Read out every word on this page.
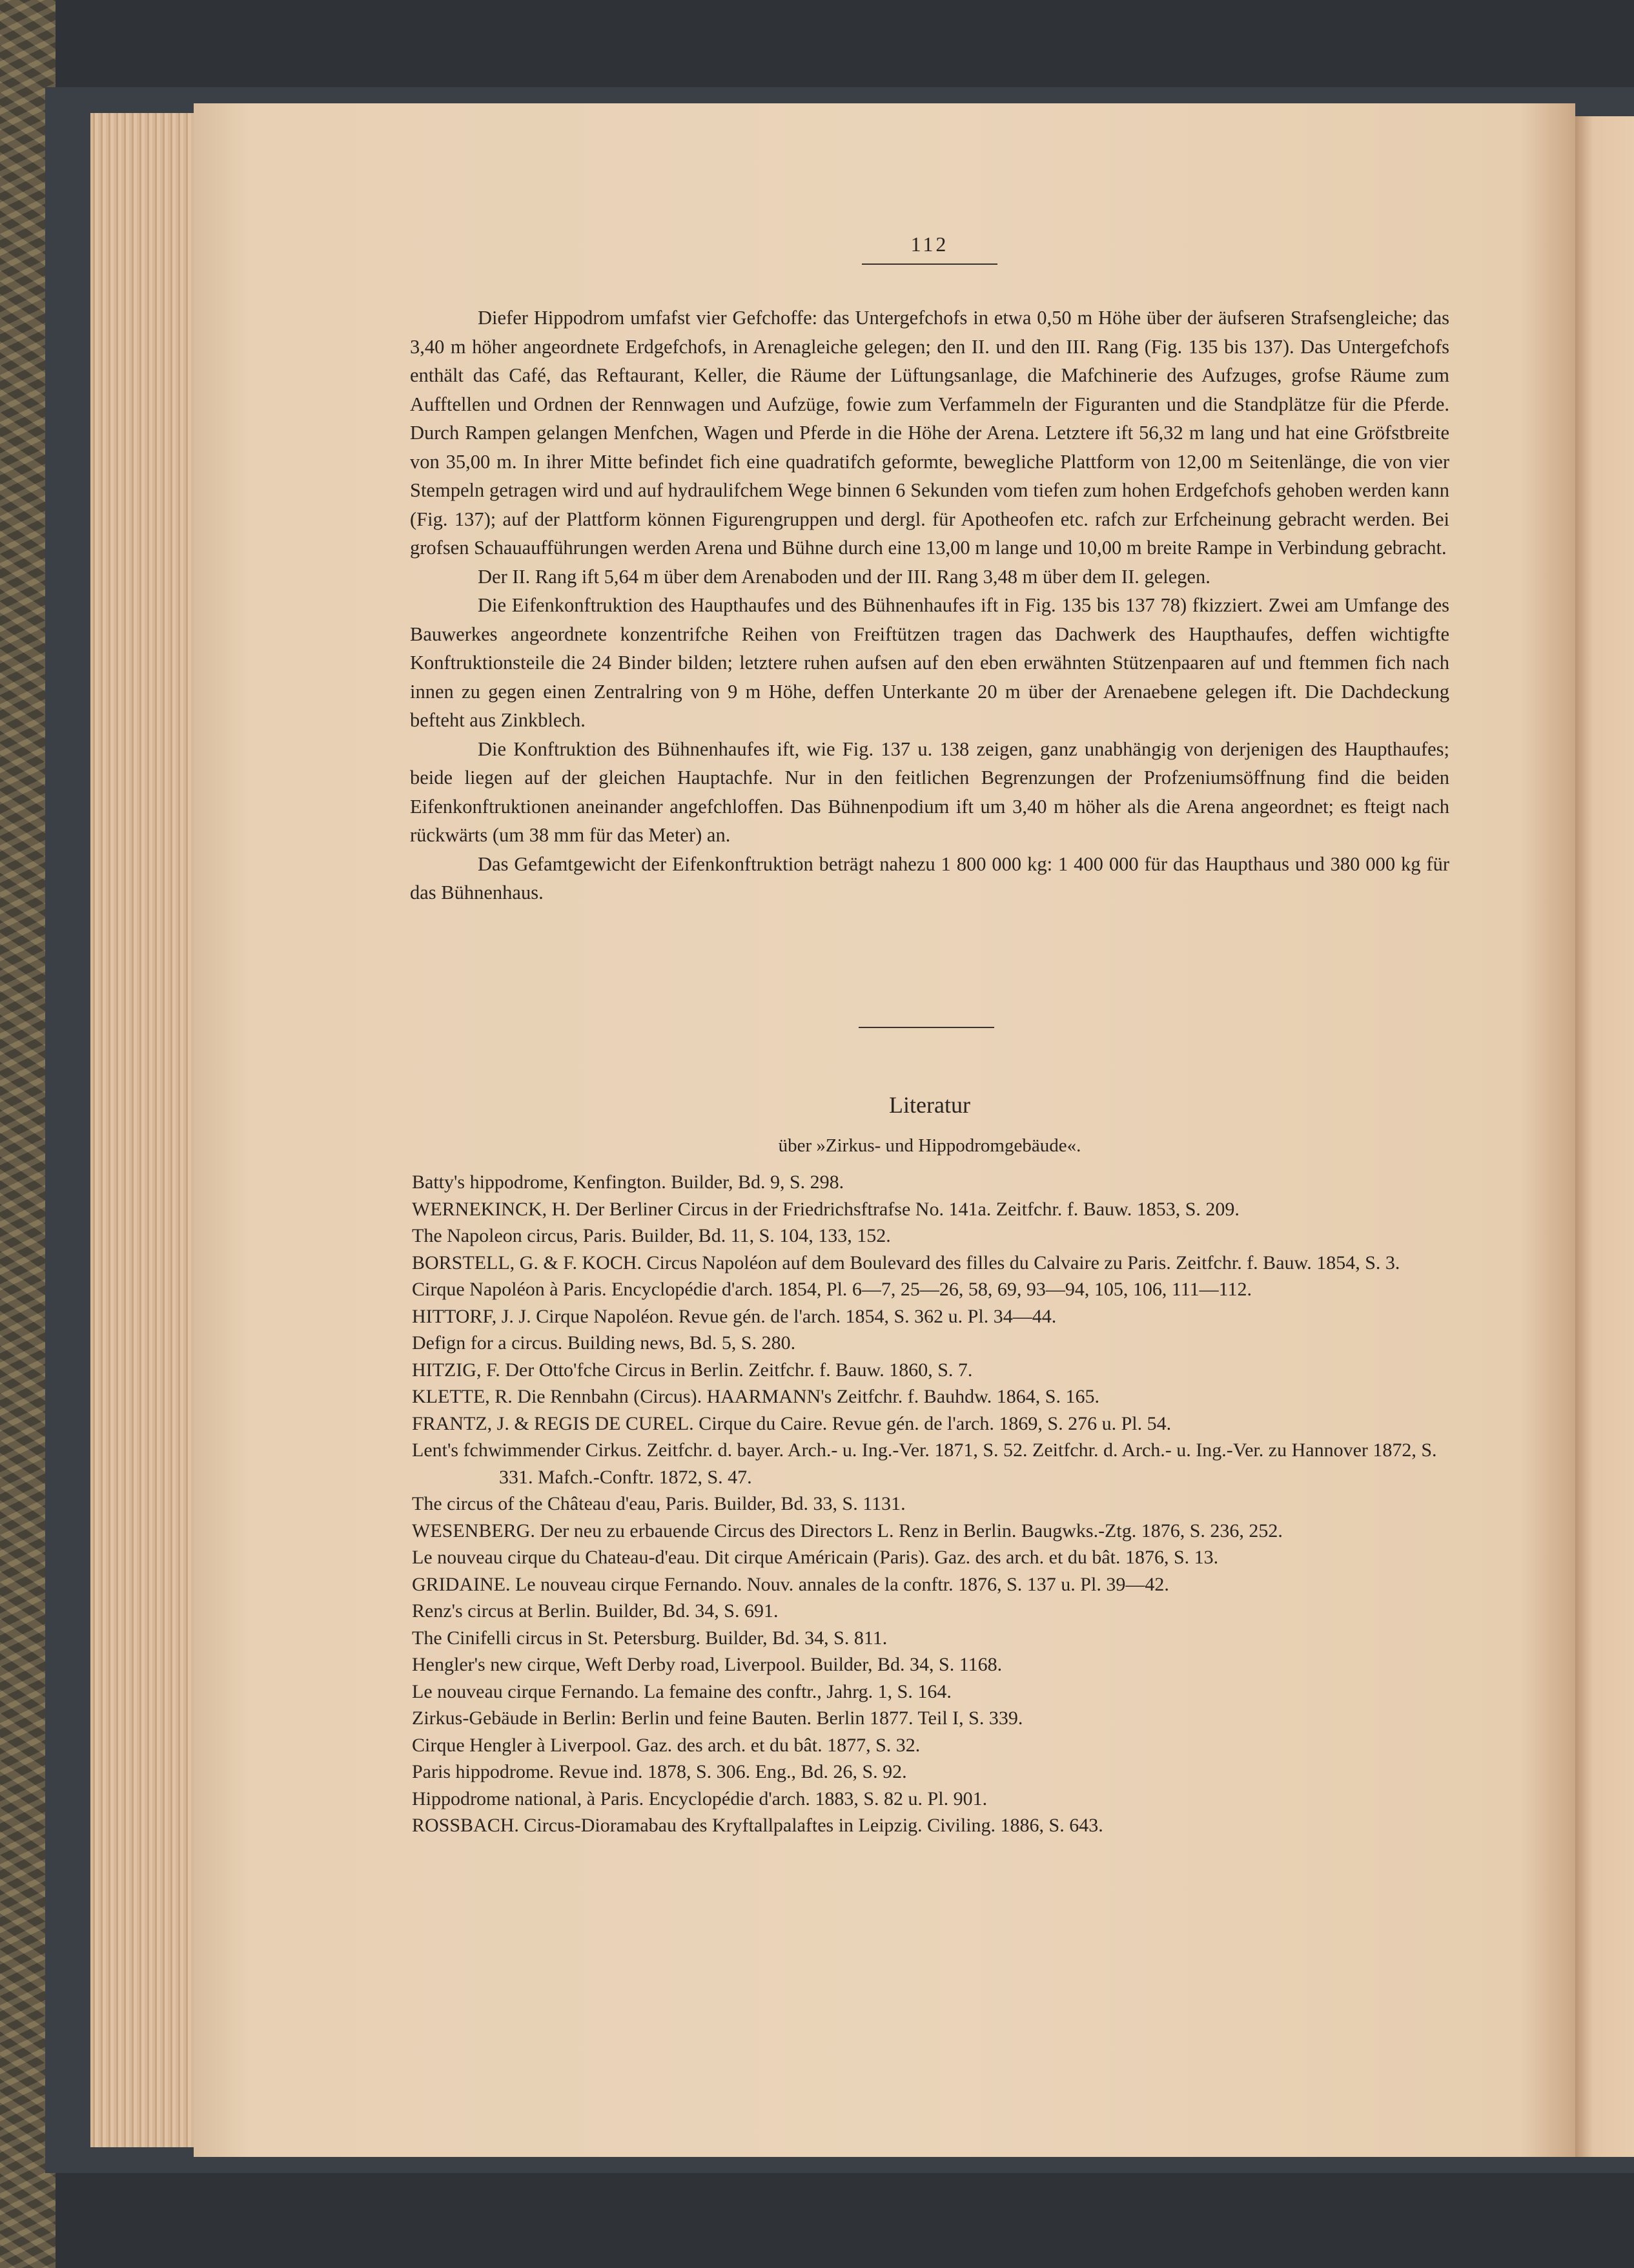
112

Diefer Hippodrom umfafst vier Gefchoffe: das Untergefchofs in etwa 0,50 m Höhe über der äufseren Strafsengleiche; das 3,40 m höher angeordnete Erdgefchofs, in Arenagleiche gelegen; den II. und den III. Rang (Fig. 135 bis 137). Das Untergefchofs enthält das Café, das Reftaurant, Keller, die Räume der Lüftungsanlage, die Mafchinerie des Aufzuges, grofse Räume zum Aufftellen und Ordnen der Rennwagen und Aufzüge, fowie zum Verfammeln der Figuranten und die Standplätze für die Pferde. Durch Rampen gelangen Menfchen, Wagen und Pferde in die Höhe der Arena. Letztere ift 56,32 m lang und hat eine Gröfstbreite von 35,00 m. In ihrer Mitte befindet fich eine quadratifch geformte, bewegliche Plattform von 12,00 m Seitenlänge, die von vier Stempeln getragen wird und auf hydraulifchem Wege binnen 6 Sekunden vom tiefen zum hohen Erdgefchofs gehoben werden kann (Fig. 137); auf der Plattform können Figurengruppen und dergl. für Apotheofen etc. rafch zur Erfcheinung gebracht werden. Bei grofsen Schauaufführungen werden Arena und Bühne durch eine 13,00 m lange und 10,00 m breite Rampe in Verbindung gebracht.

Der II. Rang ift 5,64 m über dem Arenaboden und der III. Rang 3,48 m über dem II. gelegen.

Die Eifenkonftruktion des Haupthaufes und des Bühnenhaufes ift in Fig. 135 bis 137 78) fkizziert. Zwei am Umfange des Bauwerkes angeordnete konzentrifche Reihen von Freiftützen tragen das Dachwerk des Haupthaufes, deffen wichtigfte Konftruktionsteile die 24 Binder bilden; letztere ruhen aufsen auf den eben erwähnten Stützenpaaren auf und ftemmen fich nach innen zu gegen einen Zentralring von 9 m Höhe, deffen Unterkante 20 m über der Arenaebene gelegen ift. Die Dachdeckung befteht aus Zinkblech.

Die Konftruktion des Bühnenhaufes ift, wie Fig. 137 u. 138 zeigen, ganz unabhängig von derjenigen des Haupthaufes; beide liegen auf der gleichen Hauptachfe. Nur in den feitlichen Begrenzungen der Profzeniumsöffnung find die beiden Eifenkonftruktionen aneinander angefchloffen. Das Bühnenpodium ift um 3,40 m höher als die Arena angeordnet; es fteigt nach rückwärts (um 38 mm für das Meter) an.

Das Gefamtgewicht der Eifenkonftruktion beträgt nahezu 1 800 000 kg: 1 400 000 für das Haupthaus und 380 000 kg für das Bühnenhaus.

Literatur
über »Zirkus- und Hippodromgebäude«.
Batty's hippodrome, Kenfington. Builder, Bd. 9, S. 298.
WERNEKINCK, H. Der Berliner Circus in der Friedrichsftrafse No. 141a. Zeitfchr. f. Bauw. 1853, S. 209.
The Napoleon circus, Paris. Builder, Bd. 11, S. 104, 133, 152.
BORSTELL, G. & F. KOCH. Circus Napoléon auf dem Boulevard des filles du Calvaire zu Paris. Zeitfchr. f. Bauw. 1854, S. 3.
Cirque Napoléon à Paris. Encyclopédie d'arch. 1854, Pl. 6—7, 25—26, 58, 69, 93—94, 105, 106, 111—112.
HITTORF, J. J. Cirque Napoléon. Revue gén. de l'arch. 1854, S. 362 u. Pl. 34—44.
Defign for a circus. Building news, Bd. 5, S. 280.
HITZIG, F. Der Otto'fche Circus in Berlin. Zeitfchr. f. Bauw. 1860, S. 7.
KLETTE, R. Die Rennbahn (Circus). HAARMANN's Zeitfchr. f. Bauhdw. 1864, S. 165.
FRANTZ, J. & REGIS DE CUREL. Cirque du Caire. Revue gén. de l'arch. 1869, S. 276 u. Pl. 54.
Lent's fchwimmender Cirkus. Zeitfchr. d. bayer. Arch.- u. Ing.-Ver. 1871, S. 52. Zeitfchr. d. Arch.- u. Ing.-Ver. zu Hannover 1872, S. 331. Mafch.-Conftr. 1872, S. 47.
The circus of the Château d'eau, Paris. Builder, Bd. 33, S. 1131.
WESENBERG. Der neu zu erbauende Circus des Directors L. Renz in Berlin. Baugwks.-Ztg. 1876, S. 236, 252.
Le nouveau cirque du Chateau-d'eau. Dit cirque Américain (Paris). Gaz. des arch. et du bât. 1876, S. 13.
GRIDAINE. Le nouveau cirque Fernando. Nouv. annales de la conftr. 1876, S. 137 u. Pl. 39—42.
Renz's circus at Berlin. Builder, Bd. 34, S. 691.
The Cinifelli circus in St. Petersburg. Builder, Bd. 34, S. 811.
Hengler's new cirque, Weft Derby road, Liverpool. Builder, Bd. 34, S. 1168.
Le nouveau cirque Fernando. La femaine des conftr., Jahrg. 1, S. 164.
Zirkus-Gebäude in Berlin: Berlin und feine Bauten. Berlin 1877. Teil I, S. 339.
Cirque Hengler à Liverpool. Gaz. des arch. et du bât. 1877, S. 32.
Paris hippodrome. Revue ind. 1878, S. 306. Eng., Bd. 26, S. 92.
Hippodrome national, à Paris. Encyclopédie d'arch. 1883, S. 82 u. Pl. 901.
ROSSBACH. Circus-Dioramabau des Kryftallpalaftes in Leipzig. Civiling. 1886, S. 643.
